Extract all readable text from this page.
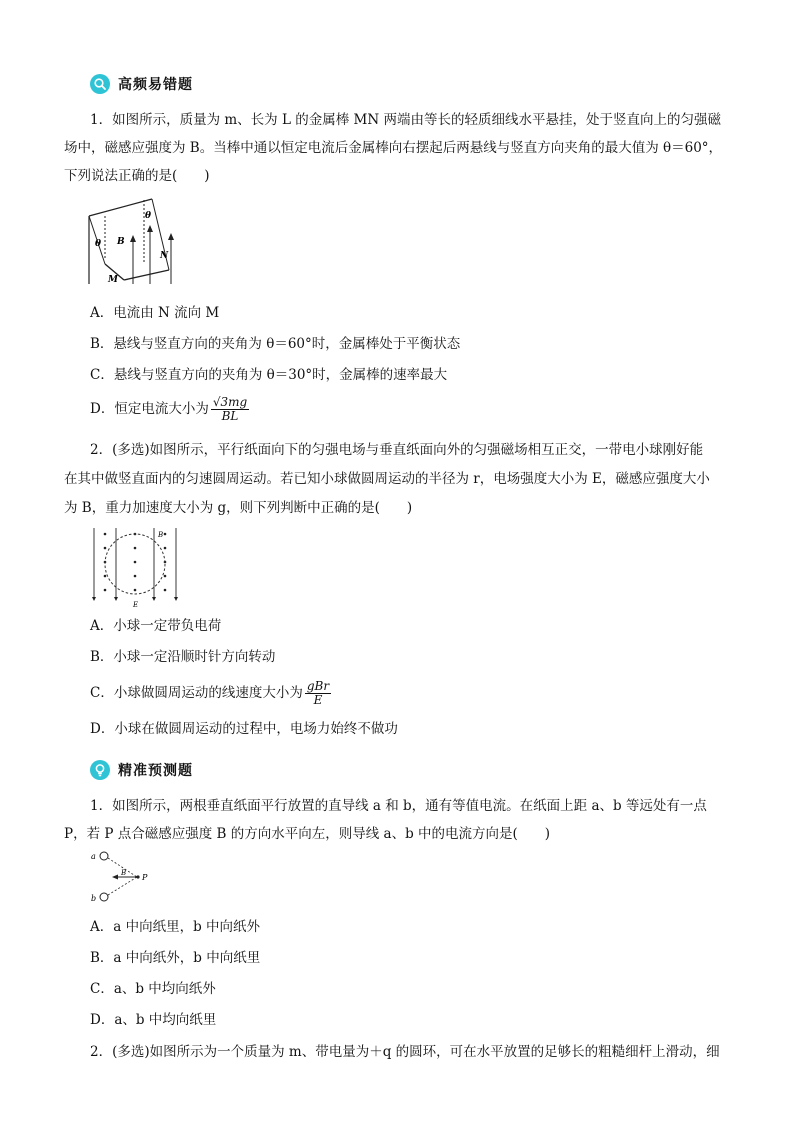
高频易错题
1．如图所示，质量为 m、长为 L 的金属棒 MN 两端由等长的轻质细线水平悬挂，处于竖直向上的匀强磁
场中，磁感应强度为 B。当棒中通以恒定电流后金属棒向右摆起后两悬线与竖直方向夹角的最大值为 θ＝60°，
下列说法正确的是(　　)
θ
θ
B
M
N
A．电流由 N 流向 M
B．悬线与竖直方向的夹角为 θ＝60°时，金属棒处于平衡状态
C．悬线与竖直方向的夹角为 θ＝30°时，金属棒的速率最大
D．恒定电流大小为 $\frac{√3mg}{BL}$
2．(多选)如图所示，平行纸面向下的匀强电场与垂直纸面向外的匀强磁场相互正交，一带电小球刚好能
在其中做竖直面内的匀速圆周运动。若已知小球做圆周运动的半径为 r，电场强度大小为 E，磁感应强度大小
为 B，重力加速度大小为 g，则下列判断中正确的是(　　)
B
E
A．小球一定带负电荷
B．小球一定沿顺时针方向转动
C．小球做圆周运动的线速度大小为 $\frac{\text{gBr}}{E}$
D．小球在做圆周运动的过程中，电场力始终不做功
精准预测题
1．如图所示，两根垂直纸面平行放置的直导线 a 和 b，通有等值电流。在纸面上距 a、b 等远处有一点
P，若 P 点合磁感应强度 B 的方向水平向左，则导线 a、b 中的电流方向是(　　)
a
b
B P
A．a 中向纸里，b 中向纸外
B．a 中向纸外，b 中向纸里
C．a、b 中均向纸外
D．a、b 中均向纸里
2．(多选)如图所示为一个质量为 m、带电量为＋q 的圆环，可在水平放置的足够长的粗糙细杆上滑动，细
